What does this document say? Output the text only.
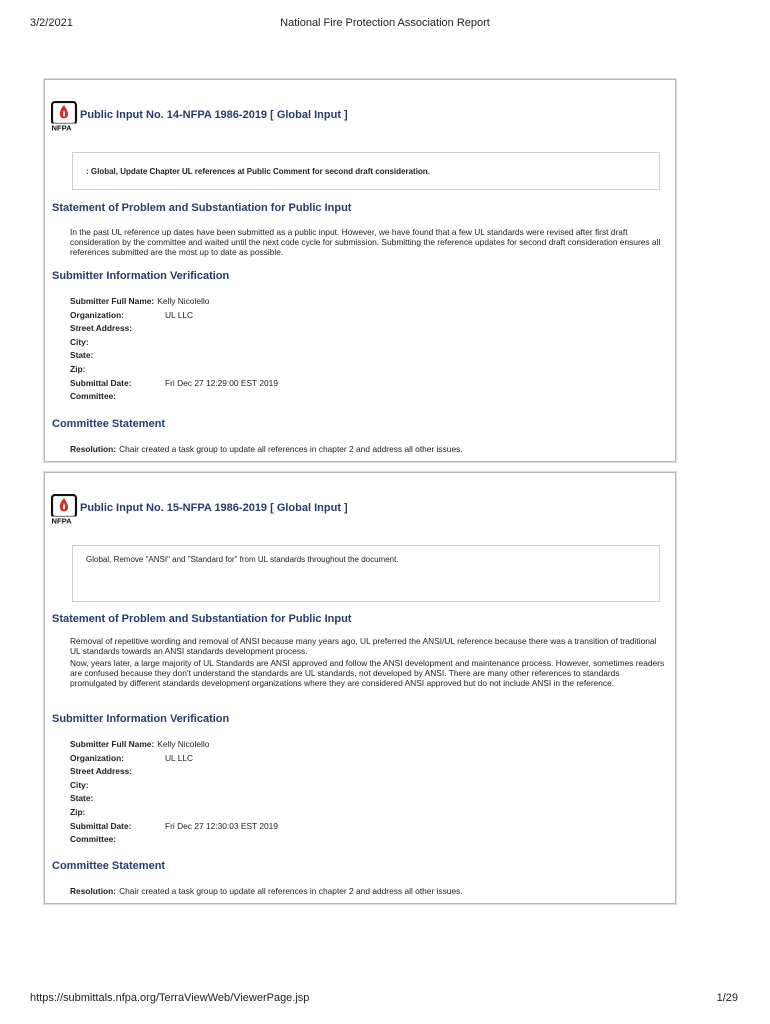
3/2/2021	National Fire Protection Association Report
NFPA
Public Input No. 14-NFPA 1986-2019 [ Global Input ]
: Global, Update Chapter UL references at Public Comment for second draft consideration.
Statement of Problem and Substantiation for Public Input
In the past UL reference up dates have been submitted as a public input. However, we have found that a few UL standards were revised after first draft consideration by the committee and waited until the next code cycle for submission. Submitting the reference updates for second draft consideration ensures all references submitted are the most up to date as possible.
Submitter Information Verification
Submitter Full Name: Kelly Nicolello
Organization:	UL LLC
Street Address:
City:
State:
Zip:
Submittal Date:	Fri Dec 27 12:29:00 EST 2019
Committee:
Committee Statement
Resolution: Chair created a task group to update all references in chapter 2 and address all other issues.
NFPA
Public Input No. 15-NFPA 1986-2019 [ Global Input ]
Global, Remove "ANSI" and "Standard for" from UL standards throughout the document.
Statement of Problem and Substantiation for Public Input
Removal of repetitive wording and removal of ANSI because many years ago, UL preferred the ANSI/UL reference because there was a transition of traditional UL standards towards an ANSI standards development process.
Now, years later, a large majority of UL Standards are ANSI approved and follow the ANSI development and maintenance process. However, sometimes readers are confused because they don't understand the standards are UL standards, not developed by ANSI. There are many other references to standards promulgated by different standards development organizations where they are considered ANSI approved but do not include ANSI in the reference.
Submitter Information Verification
Submitter Full Name: Kelly Nicolello
Organization:	UL LLC
Street Address:
City:
State:
Zip:
Submittal Date:	Fri Dec 27 12:30:03 EST 2019
Committee:
Committee Statement
Resolution: Chair created a task group to update all references in chapter 2 and address all other issues.
https://submittals.nfpa.org/TerraViewWeb/ViewerPage.jsp	1/29
